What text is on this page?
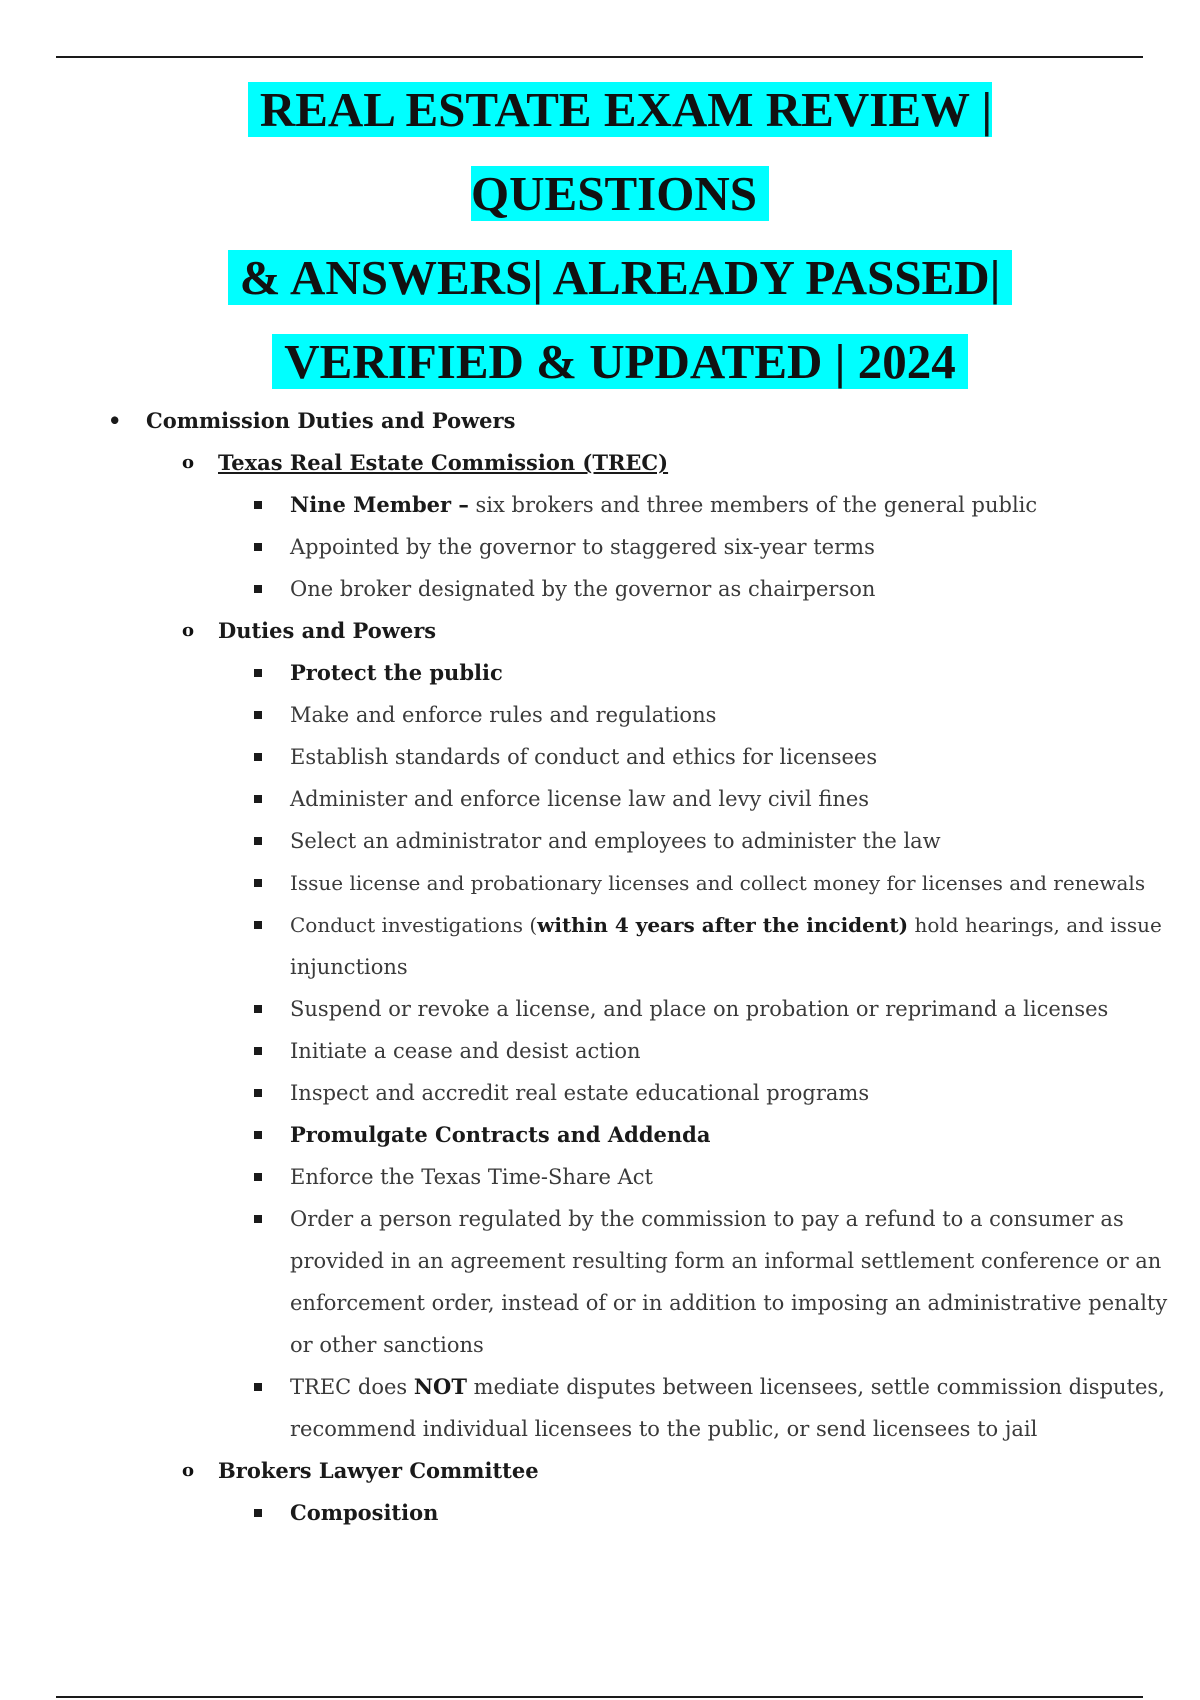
REAL ESTATE EXAM REVIEW | QUESTIONS
& ANSWERS| ALREADY PASSED|
VERIFIED & UPDATED | 2024
• Commission Duties and Powers
o Texas Real Estate Commission (TREC)
Nine Member – six brokers and three members of the general public
Appointed by the governor to staggered six-year terms
One broker designated by the governor as chairperson
o Duties and Powers
Protect the public
Make and enforce rules and regulations
Establish standards of conduct and ethics for licensees
Administer and enforce license law and levy civil fines
Select an administrator and employees to administer the law
Issue license and probationary licenses and collect money for licenses and renewals
Conduct investigations (within 4 years after the incident) hold hearings, and issue
injunctions
Suspend or revoke a license, and place on probation or reprimand a licenses
Initiate a cease and desist action
Inspect and accredit real estate educational programs
Promulgate Contracts and Addenda
Enforce the Texas Time-Share Act
Order a person regulated by the commission to pay a refund to a consumer as
provided in an agreement resulting form an informal settlement conference or an
enforcement order, instead of or in addition to imposing an administrative penalty
or other sanctions
TREC does NOT mediate disputes between licensees, settle commission disputes,
recommend individual licensees to the public, or send licensees to jail
o Brokers Lawyer Committee
Composition
